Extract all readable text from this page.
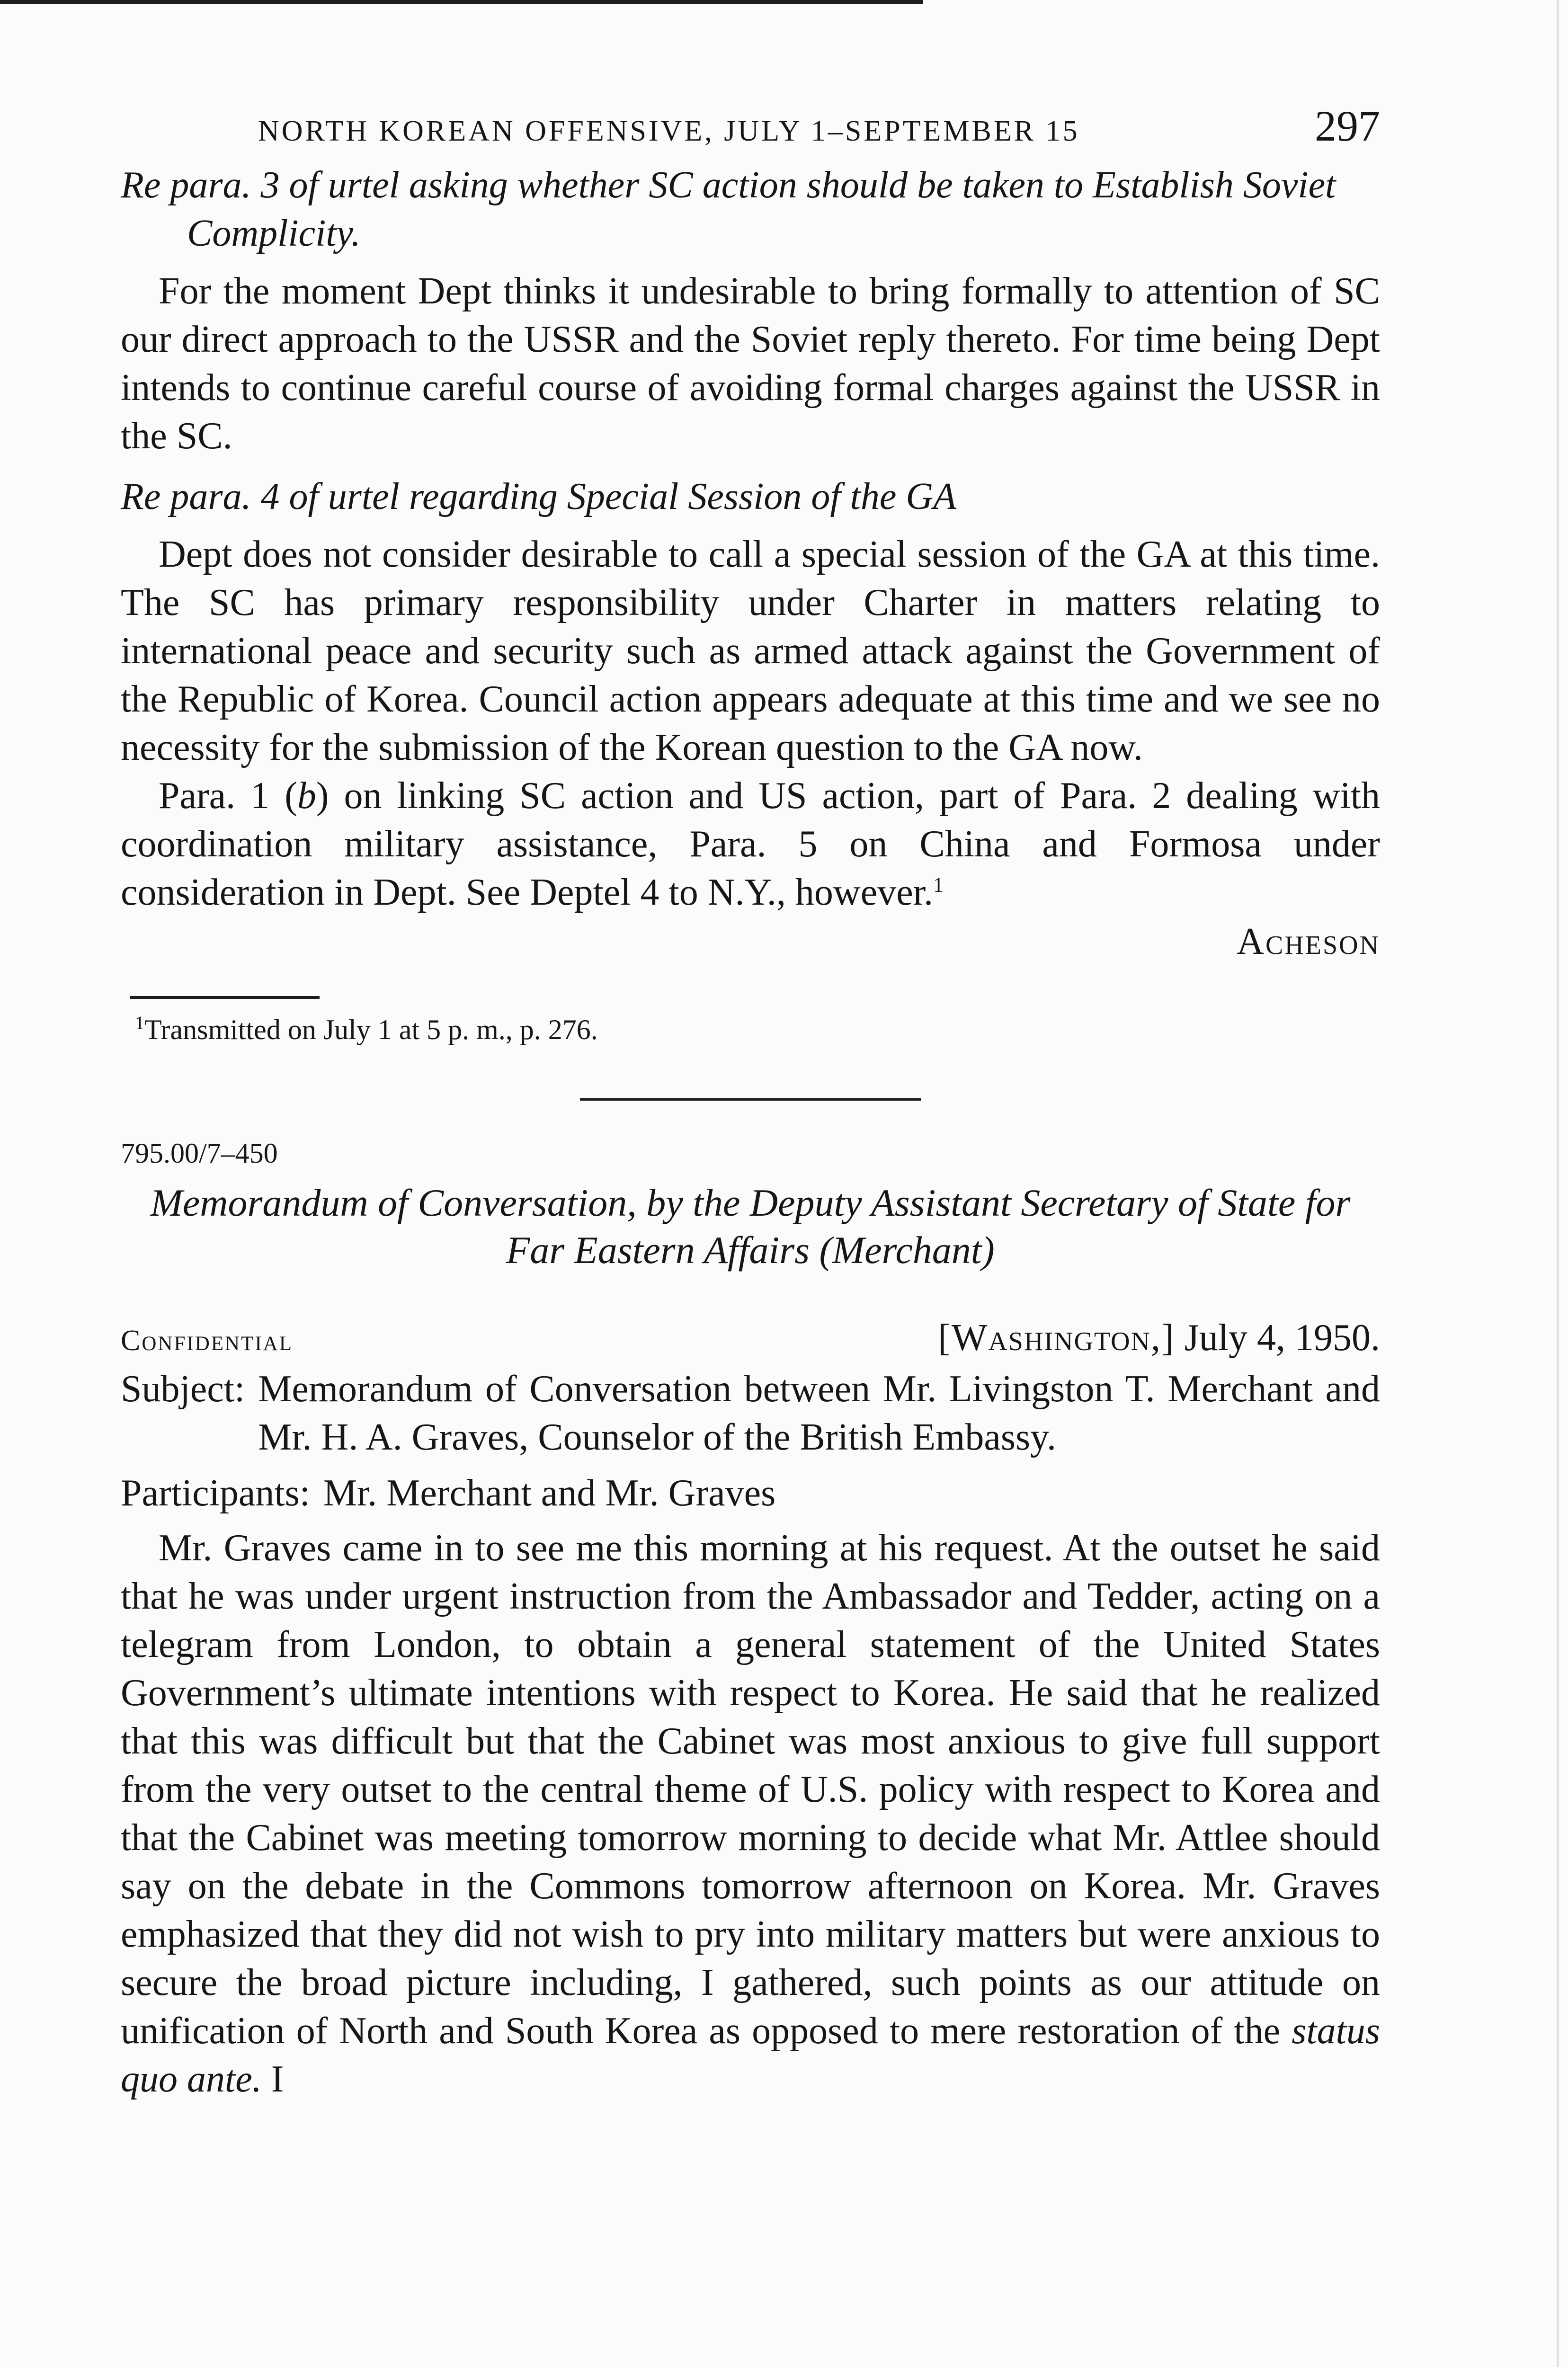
NORTH KOREAN OFFENSIVE, JULY 1–SEPTEMBER 15	297
Re para. 3 of urtel asking whether SC action should be taken to Establish Soviet Complicity.

For the moment Dept thinks it undesirable to bring formally to attention of SC our direct approach to the USSR and the Soviet reply thereto. For time being Dept intends to continue careful course of avoiding formal charges against the USSR in the SC.

Re para. 4 of urtel regarding Special Session of the GA

Dept does not consider desirable to call a special session of the GA at this time. The SC has primary responsibility under Charter in matters relating to international peace and security such as armed attack against the Government of the Republic of Korea. Council action appears adequate at this time and we see no necessity for the submission of the Korean question to the GA now.

Para. 1 (b) on linking SC action and US action, part of Para. 2 dealing with coordination military assistance, Para. 5 on China and Formosa under consideration in Dept. See Deptel 4 to N.Y., however.$^1$

Acheson
$^1$Transmitted on July 1 at 5 p. m., p. 276.
795.00/7–450
Memorandum of Conversation, by the Deputy Assistant Secretary of State for Far Eastern Affairs (Merchant)
Confidential	[Washington,] July 4, 1950.
Subject: Memorandum of Conversation between Mr. Livingston T. Merchant and Mr. H. A. Graves, Counselor of the British Embassy.
Participants: Mr. Merchant and Mr. Graves

Mr. Graves came in to see me this morning at his request. At the outset he said that he was under urgent instruction from the Ambassador and Tedder, acting on a telegram from London, to obtain a general statement of the United States Government’s ultimate intentions with respect to Korea. He said that he realized that this was difficult but that the Cabinet was most anxious to give full support from the very outset to the central theme of U.S. policy with respect to Korea and that the Cabinet was meeting tomorrow morning to decide what Mr. Attlee should say on the debate in the Commons tomorrow afternoon on Korea. Mr. Graves emphasized that they did not wish to pry into military matters but were anxious to secure the broad picture including, I gathered, such points as our attitude on unification of North and South Korea as opposed to mere restoration of the status quo ante. I
